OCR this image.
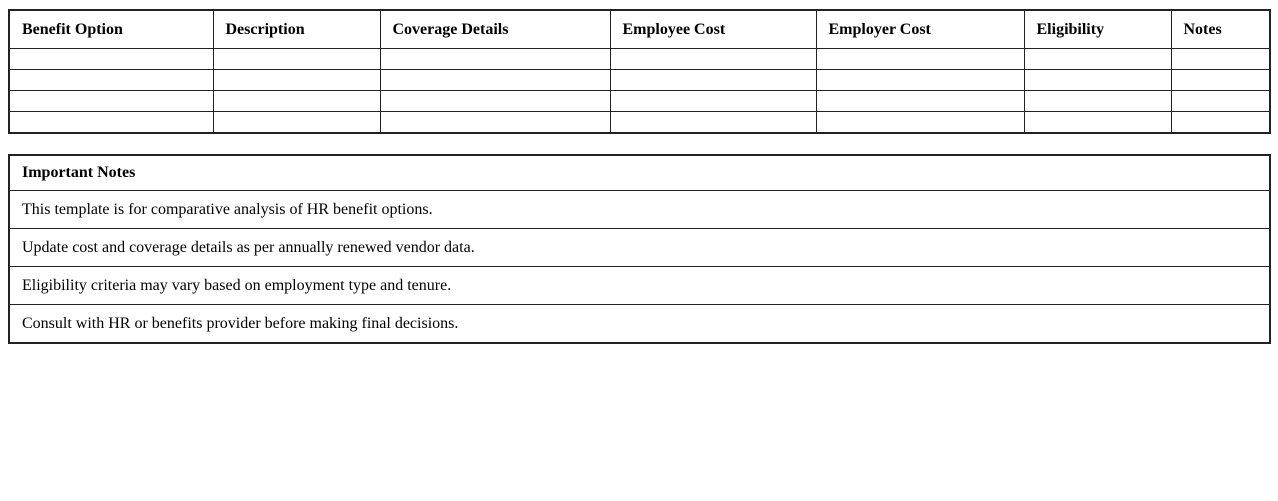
Benefit Option	Description	Coverage Details	Employee Cost	Employer Cost	Eligibility	Notes

Important Notes
This template is for comparative analysis of HR benefit options.
Update cost and coverage details as per annually renewed vendor data.
Eligibility criteria may vary based on employment type and tenure.
Consult with HR or benefits provider before making final decisions.
